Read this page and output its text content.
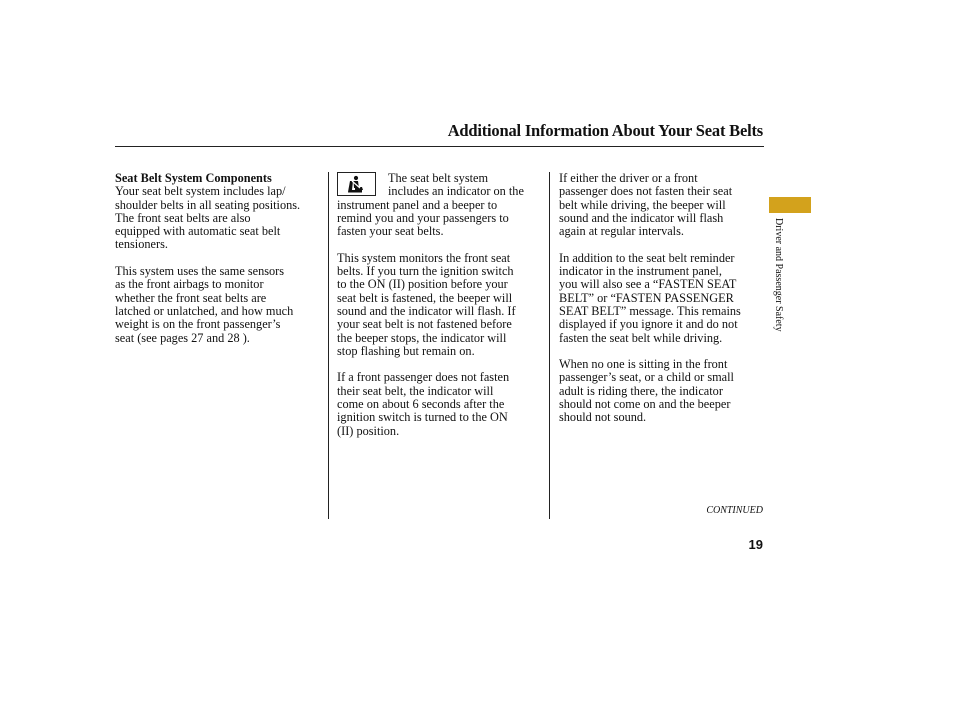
Additional Information About Your Seat Belts
Seat Belt System Components
Your seat belt system includes lap/
shoulder belts in all seating positions.
The front seat belts are also
equipped with automatic seat belt
tensioners.
This system uses the same sensors
as the front airbags to monitor
whether the front seat belts are
latched or unlatched, and how much
weight is on the front passenger’s
seat (see pages 27 and 28 ).
The seat belt system
includes an indicator on the
instrument panel and a beeper to
remind you and your passengers to
fasten your seat belts.
This system monitors the front seat
belts. If you turn the ignition switch
to the ON (II) position before your
seat belt is fastened, the beeper will
sound and the indicator will flash. If
your seat belt is not fastened before
the beeper stops, the indicator will
stop flashing but remain on.
If a front passenger does not fasten
their seat belt, the indicator will
come on about 6 seconds after the
ignition switch is turned to the ON
(II) position.
If either the driver or a front
passenger does not fasten their seat
belt while driving, the beeper will
sound and the indicator will flash
again at regular intervals.
In addition to the seat belt reminder
indicator in the instrument panel,
you will also see a “FASTEN SEAT
BELT” or “FASTEN PASSENGER
SEAT BELT” message. This remains
displayed if you ignore it and do not
fasten the seat belt while driving.
When no one is sitting in the front
passenger’s seat, or a child or small
adult is riding there, the indicator
should not come on and the beeper
should not sound.
CONTINUED
19
Driver and Passenger Safety
